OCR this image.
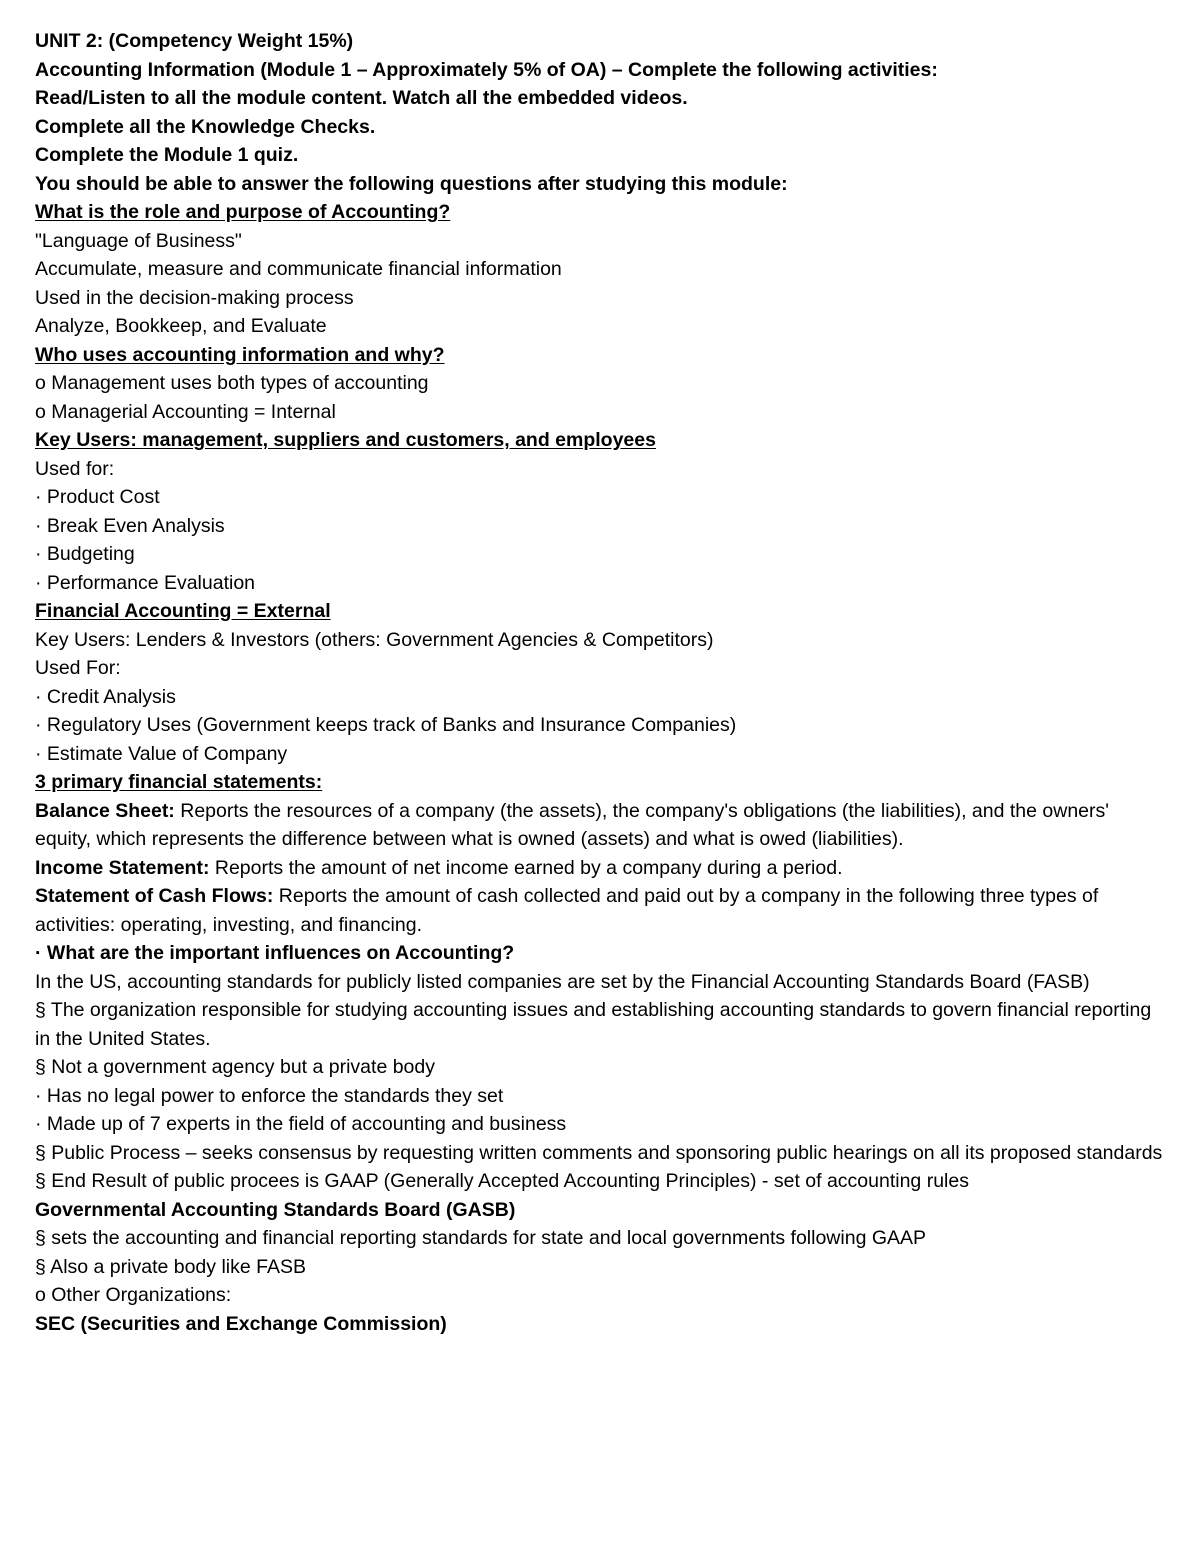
UNIT 2: (Competency Weight 15%)

Accounting Information (Module 1 – Approximately 5% of OA) – Complete the following activities:

Read/Listen to all the module content. Watch all the embedded videos.

Complete all the Knowledge Checks.

Complete the Module 1 quiz.

You should be able to answer the following questions after studying this module:

What is the role and purpose of Accounting?

"Language of Business"

Accumulate, measure and communicate financial information

Used in the decision-making process

Analyze, Bookkeep, and Evaluate

Who uses accounting information and why?

o Management uses both types of accounting

o Managerial Accounting = Internal

Key Users: management, suppliers and customers, and employees

Used for:

· Product Cost

· Break Even Analysis

· Budgeting

· Performance Evaluation

Financial Accounting = External

Key Users: Lenders & Investors (others: Government Agencies & Competitors)

Used For:

· Credit Analysis

· Regulatory Uses (Government keeps track of Banks and Insurance Companies)

· Estimate Value of Company

3 primary financial statements:

Balance Sheet: Reports the resources of a company (the assets), the company's obligations (the liabilities), and the owners' equity, which represents the difference between what is owned (assets) and what is owed (liabilities).

Income Statement: Reports the amount of net income earned by a company during a period.

Statement of Cash Flows: Reports the amount of cash collected and paid out by a company in the following three types of activities: operating, investing, and financing.

· What are the important influences on Accounting?

In the US, accounting standards for publicly listed companies are set by the Financial Accounting Standards Board (FASB)

§ The organization responsible for studying accounting issues and establishing accounting standards to govern financial reporting in the United States.

§ Not a government agency but a private body

· Has no legal power to enforce the standards they set

· Made up of 7 experts in the field of accounting and business

§ Public Process – seeks consensus by requesting written comments and sponsoring public hearings on all its proposed standards

§ End Result of public procees is GAAP (Generally Accepted Accounting Principles) - set of accounting rules

Governmental Accounting Standards Board (GASB)

§ sets the accounting and financial reporting standards for state and local governments following GAAP

§ Also a private body like FASB

o Other Organizations:

SEC (Securities and Exchange Commission)
